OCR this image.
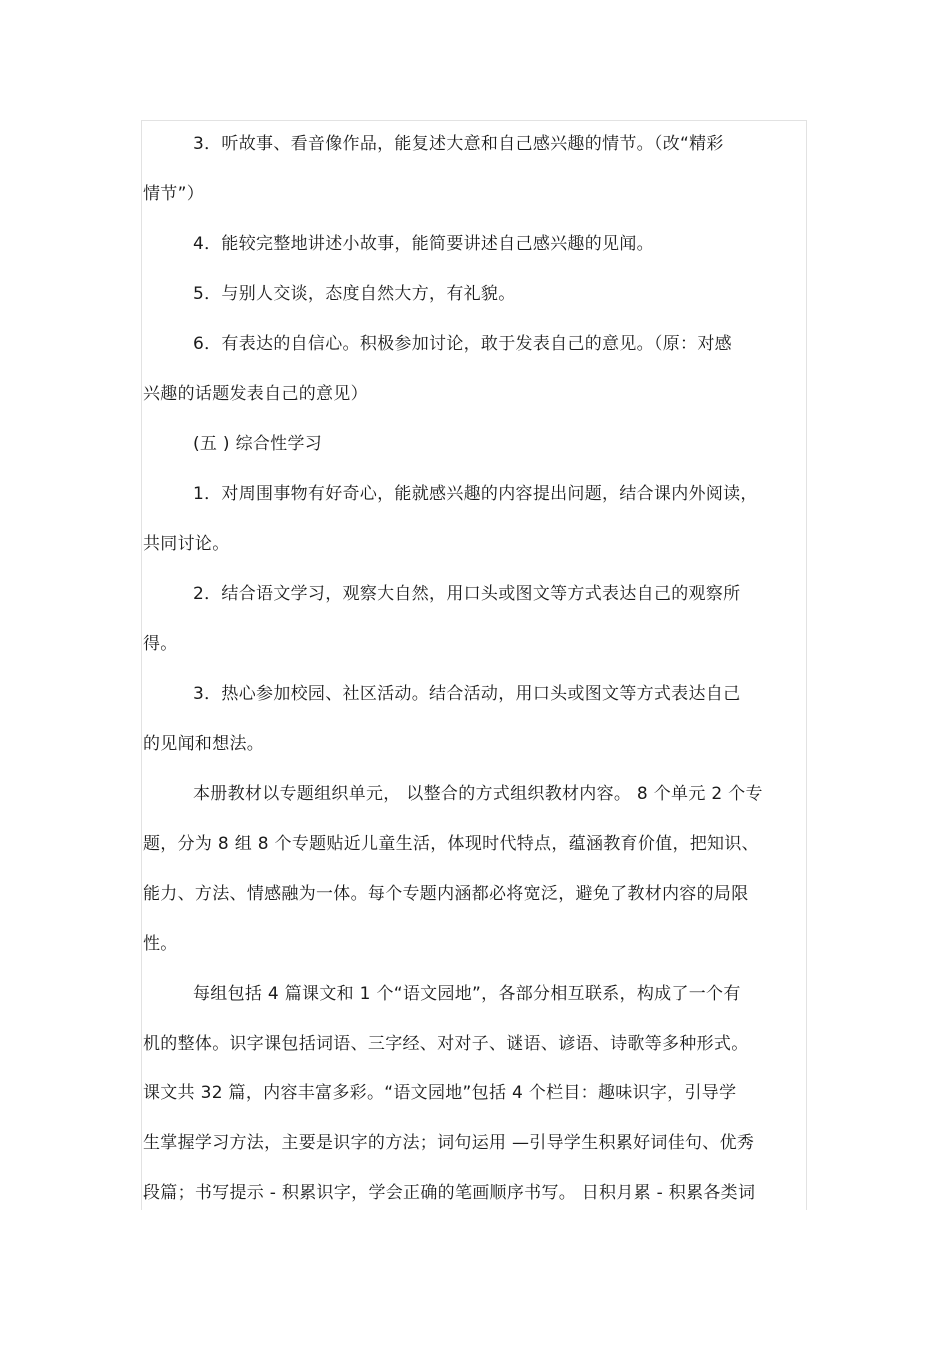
3．听故事、看音像作品，能复述大意和自己感兴趣的情节。（改“精彩
情节”）
4．能较完整地讲述小故事，能简要讲述自己感兴趣的见闻。
5．与别人交谈，态度自然大方，有礼貌。
6．有表达的自信心。积极参加讨论，敢于发表自己的意见。（原：对感
兴趣的话题发表自己的意见）
(五 ) 综合性学习
1．对周围事物有好奇心，能就感兴趣的内容提出问题，结合课内外阅读，
共同讨论。
2．结合语文学习，观察大自然，用口头或图文等方式表达自己的观察所
得。
3．热心参加校园、社区活动。结合活动，用口头或图文等方式表达自己
的见闻和想法。
本册教材以专题组织单元， 以整合的方式组织教材内容。 8 个单元 2 个专
题，分为 8 组 8 个专题贴近儿童生活，体现时代特点，蕴涵教育价值，把知识、
能力、方法、情感融为一体。每个专题内涵都必将宽泛，避免了教材内容的局限
性。
每组包括 4 篇课文和 1 个“语文园地”，各部分相互联系，构成了一个有
机的整体。识字课包括词语、三字经、对对子、谜语、谚语、诗歌等多种形式。
课文共 32 篇，内容丰富多彩。“语文园地”包括 4 个栏目：趣味识字，引导学
生掌握学习方法，主要是识字的方法；词句运用 —引导学生积累好词佳句、优秀
段篇；书写提示 - 积累识字，学会正确的笔画顺序书写。 日积月累 - 积累各类词
